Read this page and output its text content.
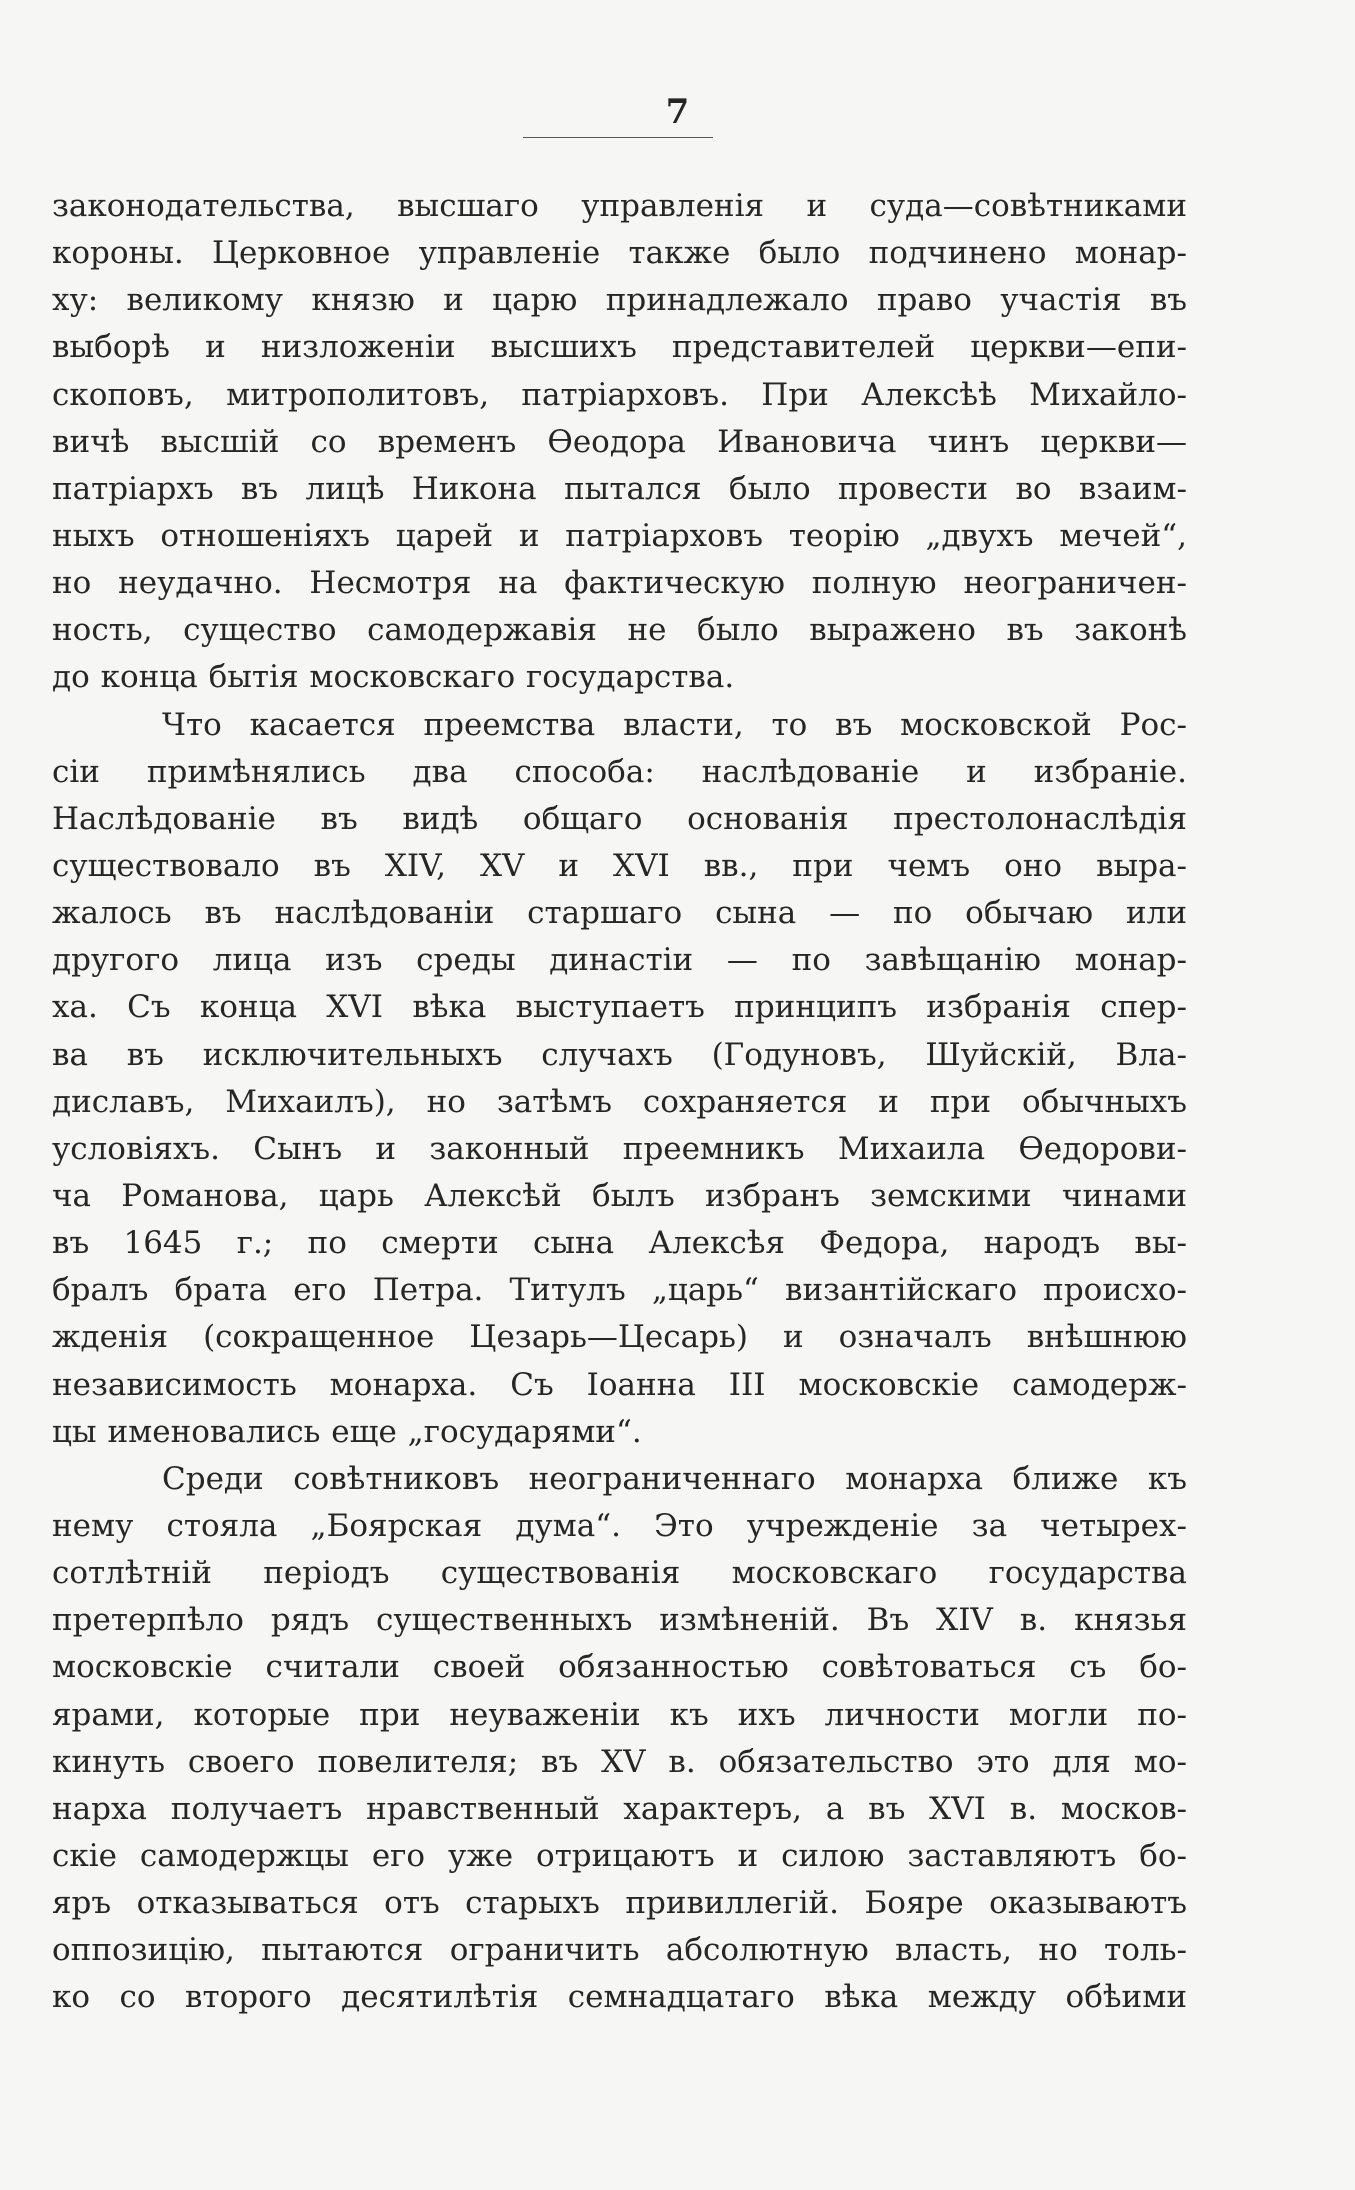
7
законодательства, высшаго управленія и суда—совѣтниками
короны. Церковное управленіе также было подчинено монар-
ху: великому князю и царю принадлежало право участія въ
выборѣ и низложеніи высшихъ представителей церкви—епи-
скоповъ, митрополитовъ, патріарховъ. При Алексѣѣ Михайло-
вичѣ высшій со временъ Ѳеодора Ивановича чинъ церкви—
патріархъ въ лицѣ Никона пытался было провести во взаим-
ныхъ отношеніяхъ царей и патріарховъ теорію „двухъ мечей“,
но неудачно. Несмотря на фактическую полную неограничен-
ность, существо самодержавія не было выражено въ законѣ
до конца бытія московскаго государства.
Что касается преемства власти, то въ московской Рос-
сіи примѣнялись два способа: наслѣдованіе и избраніе.
Наслѣдованіе въ видѣ общаго основанія престолонаслѣдія
существовало въ XIV, XV и XVI вв., при чемъ оно выра-
жалось въ наслѣдованіи старшаго сына — по обычаю или
другого лица изъ среды династіи — по завѣщанію монар-
ха. Съ конца XVI вѣка выступаетъ принципъ избранія спер-
ва въ исключительныхъ случахъ (Годуновъ, Шуйскій, Вла-
диславъ, Михаилъ), но затѣмъ сохраняется и при обычныхъ
условіяхъ. Сынъ и законный преемникъ Михаила Ѳедорови-
ча Романова, царь Алексѣй былъ избранъ земскими чинами
въ 1645 г.; по смерти сына Алексѣя Федора, народъ вы-
бралъ брата его Петра. Титулъ „царь“ византійскаго происхо-
жденія (сокращенное Цезарь—Цесарь) и означалъ внѣшнюю
независимость монарха. Съ Іоанна III московскіе самодерж-
цы именовались еще „государями“.
Среди совѣтниковъ неограниченнаго монарха ближе къ
нему стояла „Боярская дума“. Это учрежденіе за четырех-
сотлѣтній періодъ существованія московскаго государства
претерпѣло рядъ существенныхъ измѣненій. Въ XIV в. князья
московскіе считали своей обязанностью совѣтоваться съ бо-
ярами, которые при неуваженіи къ ихъ личности могли по-
кинуть своего повелителя; въ XV в. обязательство это для мо-
нарха получаетъ нравственный характеръ, а въ XVI в. москов-
скіе самодержцы его уже отрицаютъ и силою заставляютъ бо-
яръ отказываться отъ старыхъ привиллегій. Бояре оказываютъ
оппозицію, пытаются ограничить абсолютную власть, но толь-
ко со второго десятилѣтія семнадцатаго вѣка между обѣими
